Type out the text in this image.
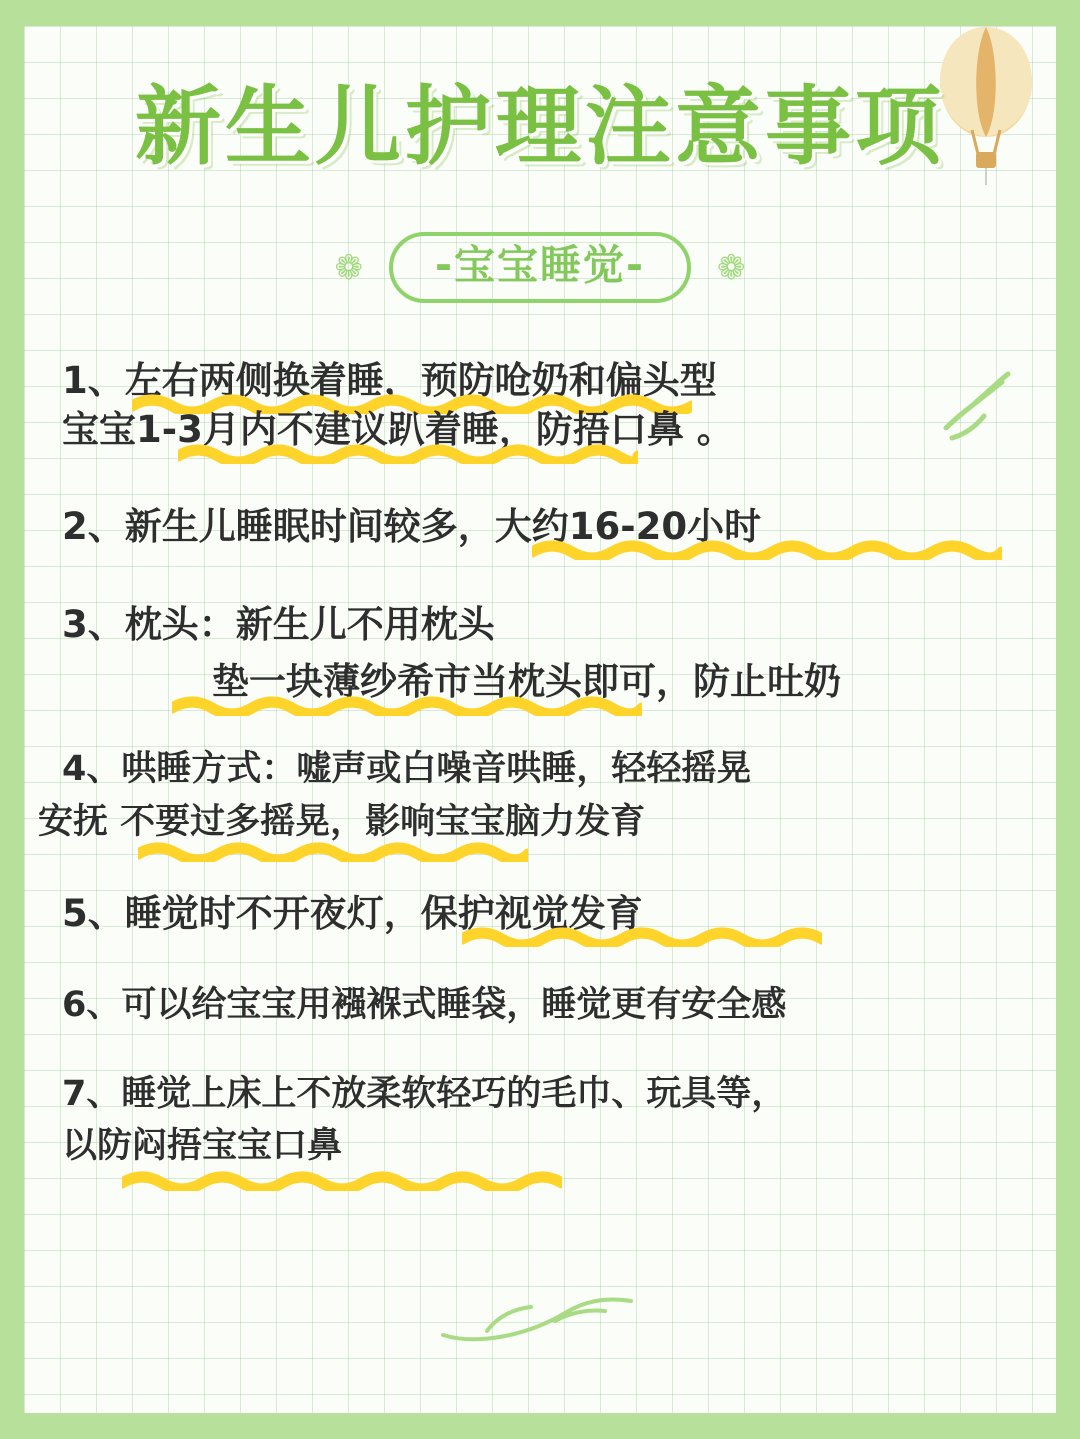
新生儿护理注意事项
❁	-宝宝睡觉-	❁
1、左右两侧换着睡，预防呛奶和偏头型
宝宝1-3月内不建议趴着睡，防捂口鼻 。
2、新生儿睡眠时间较多，大约16-20小时
3、枕头：新生儿不用枕头
垫一块薄纱希市当枕头即可，防止吐奶
4、哄睡方式：嘘声或白噪音哄睡，轻轻摇晃
安抚 不要过多摇晃，影响宝宝脑力发育
5、睡觉时不开夜灯，保护视觉发育
6、可以给宝宝用襁褓式睡袋，睡觉更有安全感
7、睡觉上床上不放柔软轻巧的毛巾、玩具等，
以防闷捂宝宝口鼻
